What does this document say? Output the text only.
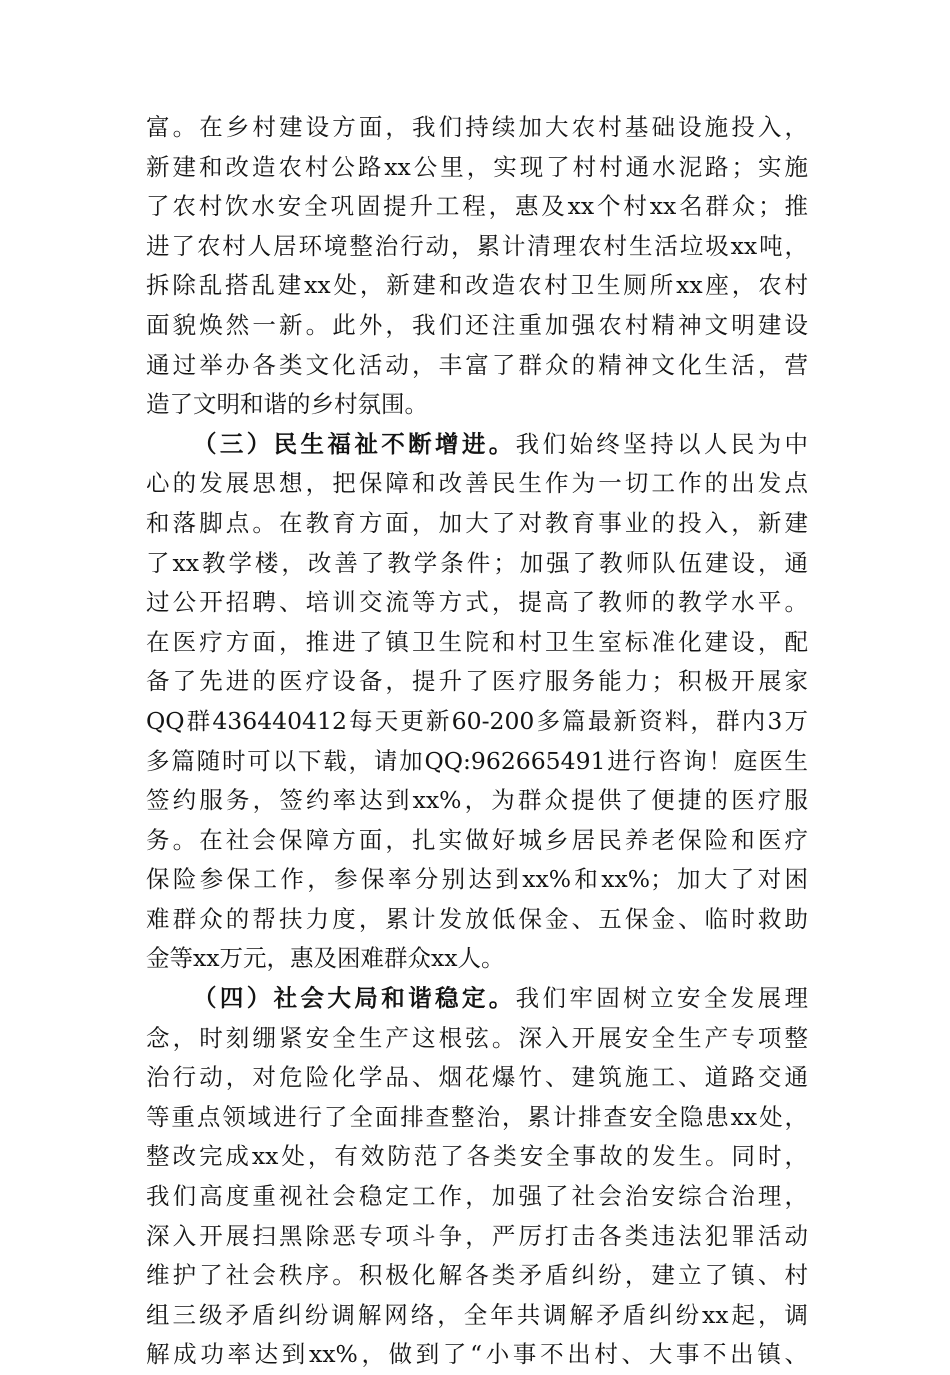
富。在乡村建设方面，我们持续加大农村基础设施投入，
新建和改造农村公路xx公里，实现了村村通水泥路；实施
了农村饮水安全巩固提升工程，惠及xx个村xx名群众；推
进了农村人居环境整治行动，累计清理农村生活垃圾xx吨，
拆除乱搭乱建xx处，新建和改造农村卫生厕所xx座，农村
面貌焕然一新。此外，我们还注重加强农村精神文明建设
通过举办各类文化活动，丰富了群众的精神文化生活，营
造了文明和谐的乡村氛围。
（三）民生福祉不断增进。我们始终坚持以人民为中
心的发展思想，把保障和改善民生作为一切工作的出发点
和落脚点。在教育方面，加大了对教育事业的投入，新建
了xx教学楼，改善了教学条件；加强了教师队伍建设，通
过公开招聘、培训交流等方式，提高了教师的教学水平。
在医疗方面，推进了镇卫生院和村卫生室标准化建设，配
备了先进的医疗设备，提升了医疗服务能力；积极开展家
QQ群436440412每天更新60-200多篇最新资料，群内3万
多篇随时可以下载，请加QQ:962665491进行咨询！庭医生
签约服务，签约率达到xx%，为群众提供了便捷的医疗服
务。在社会保障方面，扎实做好城乡居民养老保险和医疗
保险参保工作，参保率分别达到xx%和xx%；加大了对困
难群众的帮扶力度，累计发放低保金、五保金、临时救助
金等xx万元，惠及困难群众xx人。
（四）社会大局和谐稳定。我们牢固树立安全发展理
念，时刻绷紧安全生产这根弦。深入开展安全生产专项整
治行动，对危险化学品、烟花爆竹、建筑施工、道路交通
等重点领域进行了全面排查整治，累计排查安全隐患xx处，
整改完成xx处，有效防范了各类安全事故的发生。同时，
我们高度重视社会稳定工作，加强了社会治安综合治理，
深入开展扫黑除恶专项斗争，严厉打击各类违法犯罪活动
维护了社会秩序。积极化解各类矛盾纠纷，建立了镇、村
组三级矛盾纠纷调解网络，全年共调解矛盾纠纷xx起，调
解成功率达到xx%，做到了“小事不出村、大事不出镇、
